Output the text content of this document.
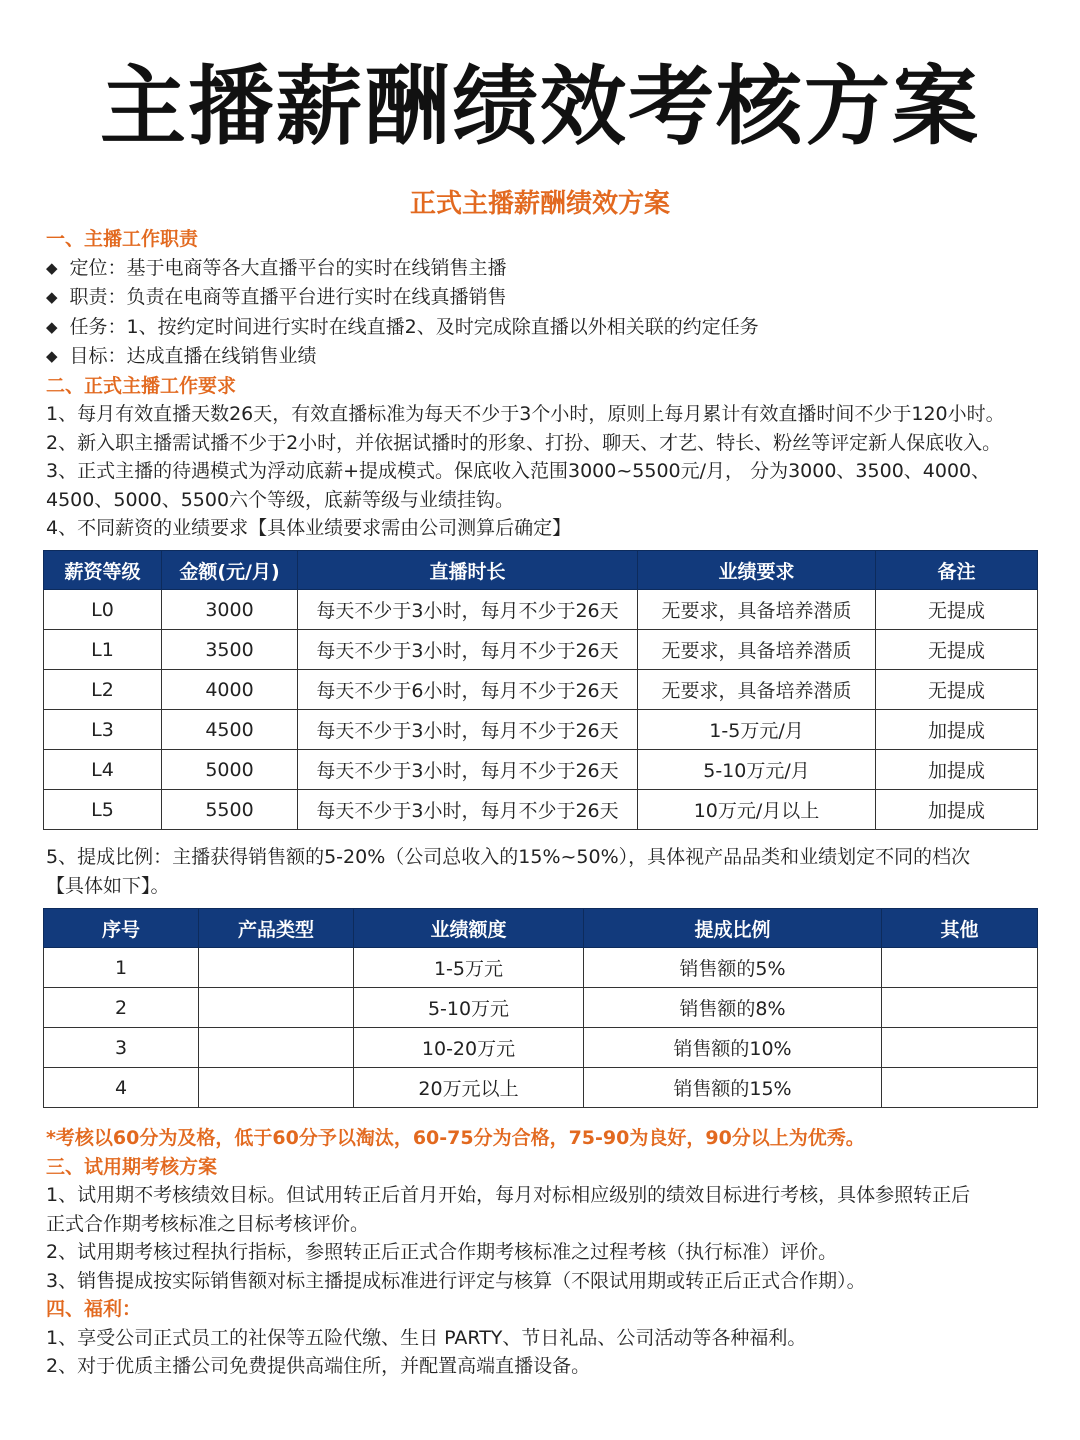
主播薪酬绩效考核方案
正式主播薪酬绩效方案
一、主播工作职责
◆ 定位：基于电商等各大直播平台的实时在线销售主播
◆ 职责：负责在电商等直播平台进行实时在线真播销售
◆ 任务：1、按约定时间进行实时在线直播2、及时完成除直播以外相关联的约定任务
◆ 目标：达成直播在线销售业绩
二、正式主播工作要求
1、每月有效直播天数26天，有效直播标准为每天不少于3个小时，原则上每月累计有效直播时间不少于120小时。
2、新入职主播需试播不少于2小时，并依据试播时的形象、打扮、聊天、才艺、特长、粉丝等评定新人保底收入。
3、正式主播的待遇模式为浮动底薪+提成模式。保底收入范围3000~5500元/月， 分为3000、3500、4000、
4500、5000、5500六个等级，底薪等级与业绩挂钩。
4、不同薪资的业绩要求【具体业绩要求需由公司测算后确定】
薪资等级	金额(元/月)	直播时长	业绩要求	备注
L0	3000	每天不少于3小时，每月不少于26天	无要求，具备培养潜质	无提成
L1	3500	每天不少于3小时，每月不少于26天	无要求，具备培养潜质	无提成
L2	4000	每天不少于6小时，每月不少于26天	无要求，具备培养潜质	无提成
L3	4500	每天不少于3小时，每月不少于26天	1-5万元/月	加提成
L4	5000	每天不少于3小时，每月不少于26天	5-10万元/月	加提成
L5	5500	每天不少于3小时，每月不少于26天	10万元/月以上	加提成
5、提成比例：主播获得销售额的5-20%（公司总收入的15%~50%），具体视产品品类和业绩划定不同的档次
【具体如下】。
序号	产品类型	业绩额度	提成比例	其他
1		1-5万元	销售额的5%	
2		5-10万元	销售额的8%	
3		10-20万元	销售额的10%	
4		20万元以上	销售额的15%	
*考核以60分为及格，低于60分予以淘汰，60-75分为合格，75-90为良好，90分以上为优秀。
三、试用期考核方案
1、试用期不考核绩效目标。但试用转正后首月开始，每月对标相应级别的绩效目标进行考核，具体参照转正后
正式合作期考核标准之目标考核评价。
2、试用期考核过程执行指标，参照转正后正式合作期考核标准之过程考核（执行标准）评价。
3、销售提成按实际销售额对标主播提成标准进行评定与核算（不限试用期或转正后正式合作期）。
四、福利：
1、享受公司正式员工的社保等五险代缴、生日 PARTY、节日礼品、公司活动等各种福利。
2、对于优质主播公司免费提供高端住所，并配置高端直播设备。
